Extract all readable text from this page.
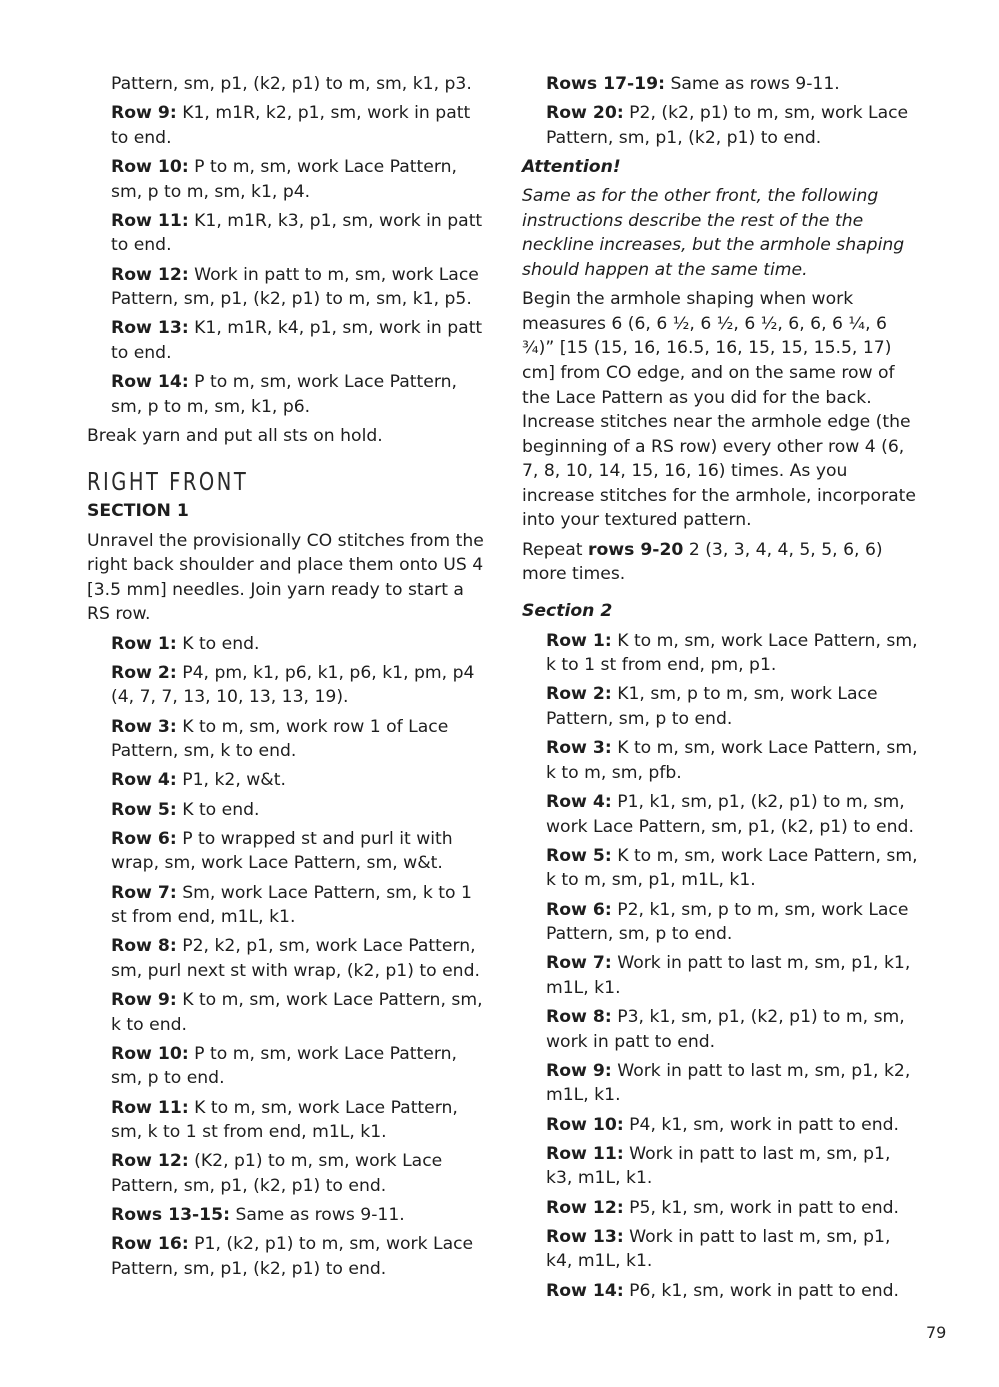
Pattern, sm, p1, (k2, p1) to m, sm, k1, p3.
Row 9: K1, m1R, k2, p1, sm, work in patt to end.
Row 10: P to m, sm, work Lace Pattern, sm, p to m, sm, k1, p4.
Row 11: K1, m1R, k3, p1, sm, work in patt to end.
Row 12: Work in patt to m, sm, work Lace Pattern, sm, p1, (k2, p1) to m, sm, k1, p5.
Row 13: K1, m1R, k4, p1, sm, work in patt to end.
Row 14: P to m, sm, work Lace Pattern, sm, p to m, sm, k1, p6.
Break yarn and put all sts on hold.
RIGHT FRONT
SECTION 1
Unravel the provisionally CO stitches from the right back shoulder and place them onto US 4 [3.5 mm] needles. Join yarn ready to start a RS row.
Row 1: K to end.
Row 2: P4, pm, k1, p6, k1, p6, k1, pm, p4 (4, 7, 7, 13, 10, 13, 13, 19).
Row 3: K to m, sm, work row 1 of Lace Pattern, sm, k to end.
Row 4: P1, k2, w&t.
Row 5: K to end.
Row 6: P to wrapped st and purl it with wrap, sm, work Lace Pattern, sm, w&t.
Row 7: Sm, work Lace Pattern, sm, k to 1 st from end, m1L, k1.
Row 8: P2, k2, p1, sm, work Lace Pattern, sm, purl next st with wrap, (k2, p1) to end.
Row 9: K to m, sm, work Lace Pattern, sm, k to end.
Row 10: P to m, sm, work Lace Pattern, sm, p to end.
Row 11: K to m, sm, work Lace Pattern, sm, k to 1 st from end, m1L, k1.
Row 12: (K2, p1) to m, sm, work Lace Pattern, sm, p1, (k2, p1) to end.
Rows 13-15: Same as rows 9-11.
Row 16: P1, (k2, p1) to m, sm, work Lace Pattern, sm, p1, (k2, p1) to end.
Rows 17-19: Same as rows 9-11.
Row 20: P2, (k2, p1) to m, sm, work Lace Pattern, sm, p1, (k2, p1) to end.
Attention!
Same as for the other front, the following instructions describe the rest of the the neckline increases, but the armhole shaping should happen at the same time.
Begin the armhole shaping when work measures 6 (6, 6 ½, 6 ½, 6 ½, 6, 6, 6 ¼, 6 ¾)” [15 (15, 16, 16.5, 16, 15, 15, 15.5, 17) cm] from CO edge, and on the same row of the Lace Pattern as you did for the back. Increase stitches near the armhole edge (the beginning of a RS row) every other row 4 (6, 7, 8, 10, 14, 15, 16, 16) times. As you increase stitches for the armhole, incorporate into your textured pattern.
Repeat rows 9-20 2 (3, 3, 4, 4, 5, 5, 6, 6) more times.
Section 2
Row 1: K to m, sm, work Lace Pattern, sm, k to 1 st from end, pm, p1.
Row 2: K1, sm, p to m, sm, work Lace Pattern, sm, p to end.
Row 3: K to m, sm, work Lace Pattern, sm, k to m, sm, pfb.
Row 4: P1, k1, sm, p1, (k2, p1) to m, sm, work Lace Pattern, sm, p1, (k2, p1) to end.
Row 5: K to m, sm, work Lace Pattern, sm, k to m, sm, p1, m1L, k1.
Row 6: P2, k1, sm, p to m, sm, work Lace Pattern, sm, p to end.
Row 7: Work in patt to last m, sm, p1, k1, m1L, k1.
Row 8: P3, k1, sm, p1, (k2, p1) to m, sm, work in patt to end.
Row 9: Work in patt to last m, sm, p1, k2, m1L, k1.
Row 10: P4, k1, sm, work in patt to end.
Row 11: Work in patt to last m, sm, p1, k3, m1L, k1.
Row 12: P5, k1, sm, work in patt to end.
Row 13: Work in patt to last m, sm, p1, k4, m1L, k1.
Row 14: P6, k1, sm, work in patt to end.
79
